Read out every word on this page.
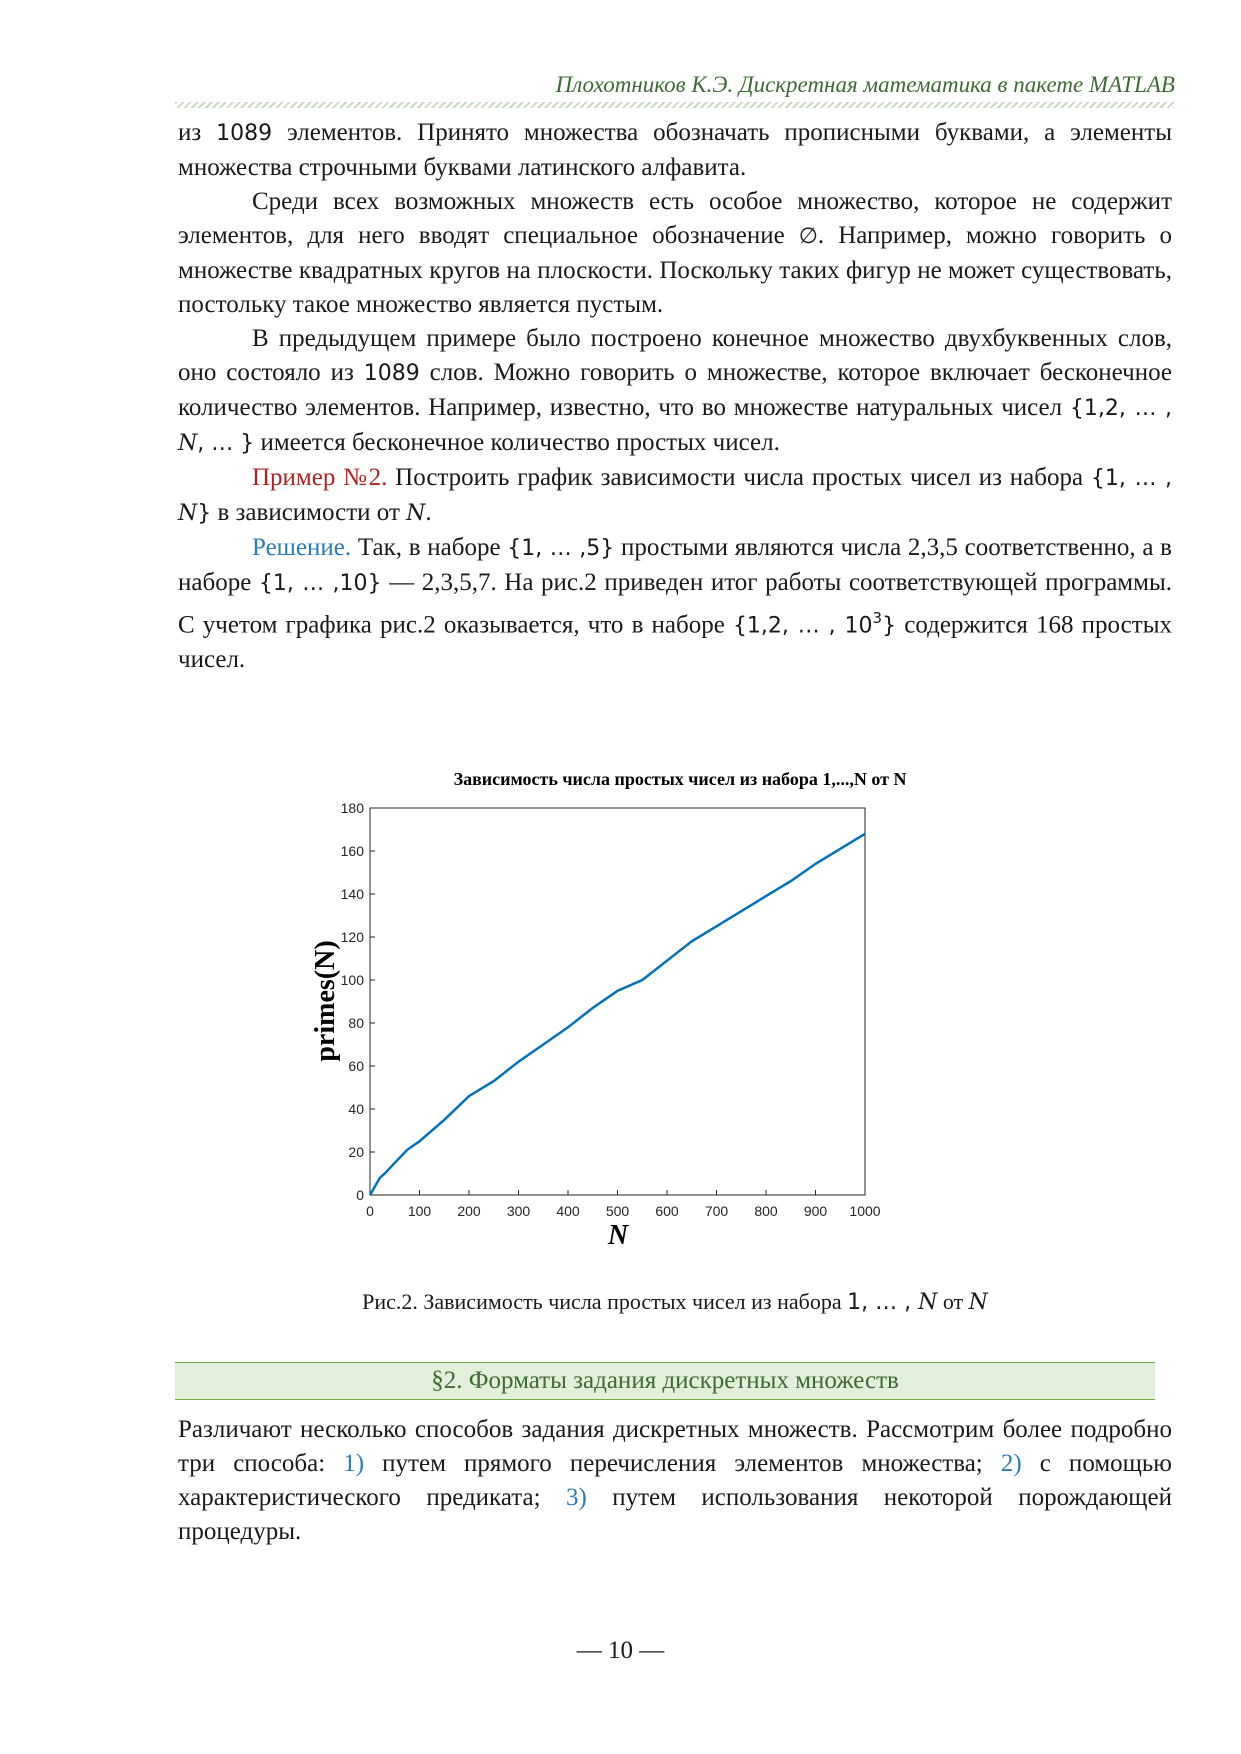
Плохотников К.Э. Дискретная математика в пакете MATLAB

из 1089 элементов. Принято множества обозначать прописными буквами, а элементы множества строчными буквами латинского алфавита.

Среди всех возможных множеств есть особое множество, которое не содержит элементов, для него вводят специальное обозначение ∅. Например, можно говорить о множестве квадратных кругов на плоскости. Поскольку таких фигур не может существовать, постольку такое множество является пустым.

В предыдущем примере было построено конечное множество двухбуквенных слов, оно состояло из 1089 слов. Можно говорить о множестве, которое включает бесконечное количество элементов. Например, известно, что во множестве натуральных чисел {1,2, … , N, … } имеется бесконечное количество простых чисел.

Пример №2. Построить график зависимости числа простых чисел из набора {1, … , N} в зависимости от N.

Решение. Так, в наборе {1, … ,5} простыми являются числа 2,3,5 соответственно, а в наборе {1, … ,10} — 2,3,5,7. На рис.2 приведен итог работы соответствующей программы. С учетом графика рис.2 оказывается, что в наборе {1,2, … , $10^3$} содержится 168 простых чисел.

Зависимость числа простых чисел из набора 1,...,N от N
0
20
40
60
80
100
120
140
160
180
0 100 200 300 400 500 600 700 800 900 1000
primes(N)
N
Рис.2. Зависимость числа простых чисел из набора 1, … , N от N
§2. Форматы задания дискретных множеств

Различают несколько способов задания дискретных множеств. Рассмотрим более подробно три способа: 1) путем прямого перечисления элементов множества; 2) с помощью характеристического предиката; 3) путем использования некоторой порождающей процедуры.

— 10 —
